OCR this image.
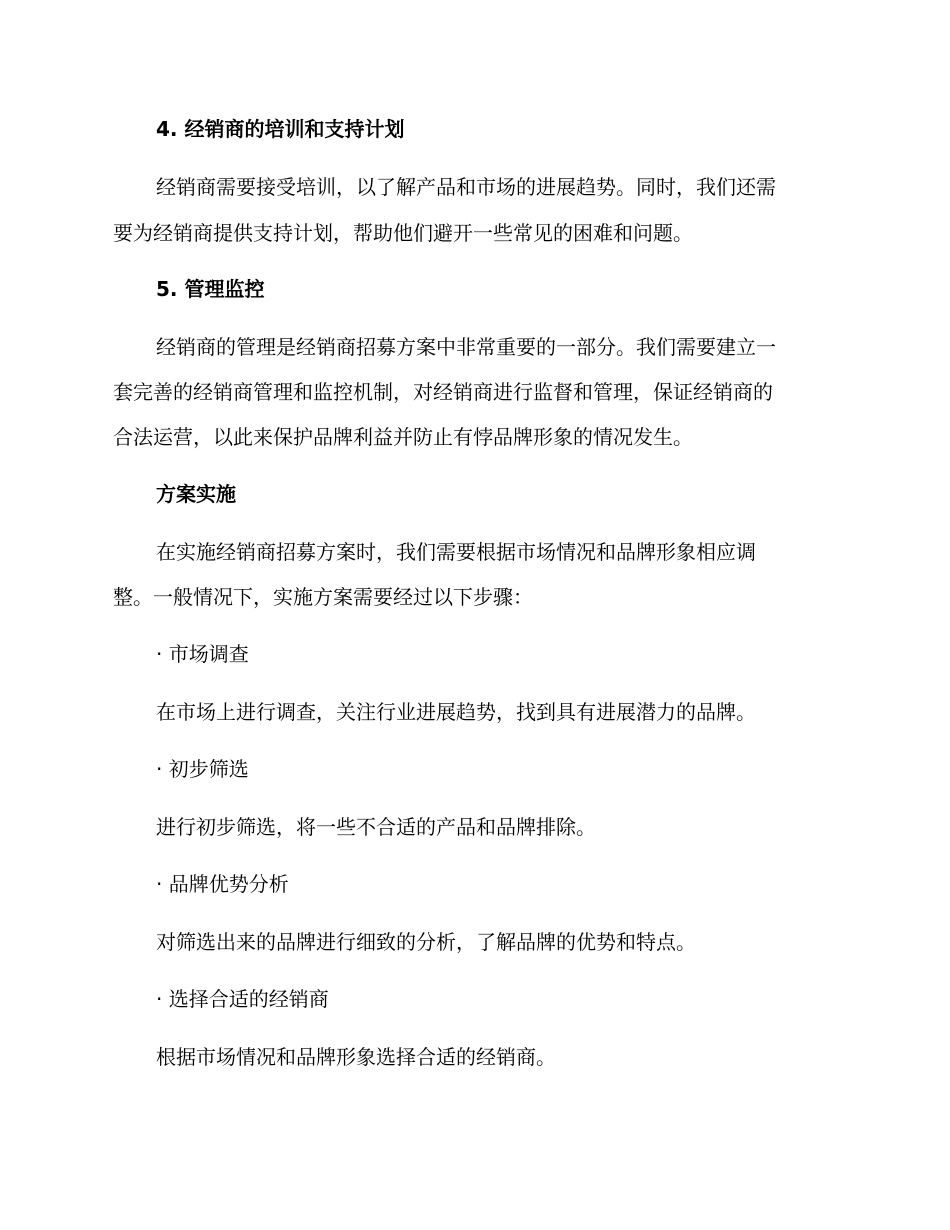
4. 经销商的培训和支持计划
经销商需要接受培训，以了解产品和市场的进展趋势。同时，我们还需
要为经销商提供支持计划，帮助他们避开一些常见的困难和问题。
5. 管理监控
经销商的管理是经销商招募方案中非常重要的一部分。我们需要建立一
套完善的经销商管理和监控机制，对经销商进行监督和管理，保证经销商的
合法运营，以此来保护品牌利益并防止有悖品牌形象的情况发生。
方案实施
在实施经销商招募方案时，我们需要根据市场情况和品牌形象相应调
整。一般情况下，实施方案需要经过以下步骤：
· 市场调查
在市场上进行调查，关注行业进展趋势，找到具有进展潜力的品牌。
· 初步筛选
进行初步筛选，将一些不合适的产品和品牌排除。
· 品牌优势分析
对筛选出来的品牌进行细致的分析，了解品牌的优势和特点。
· 选择合适的经销商
根据市场情况和品牌形象选择合适的经销商。
